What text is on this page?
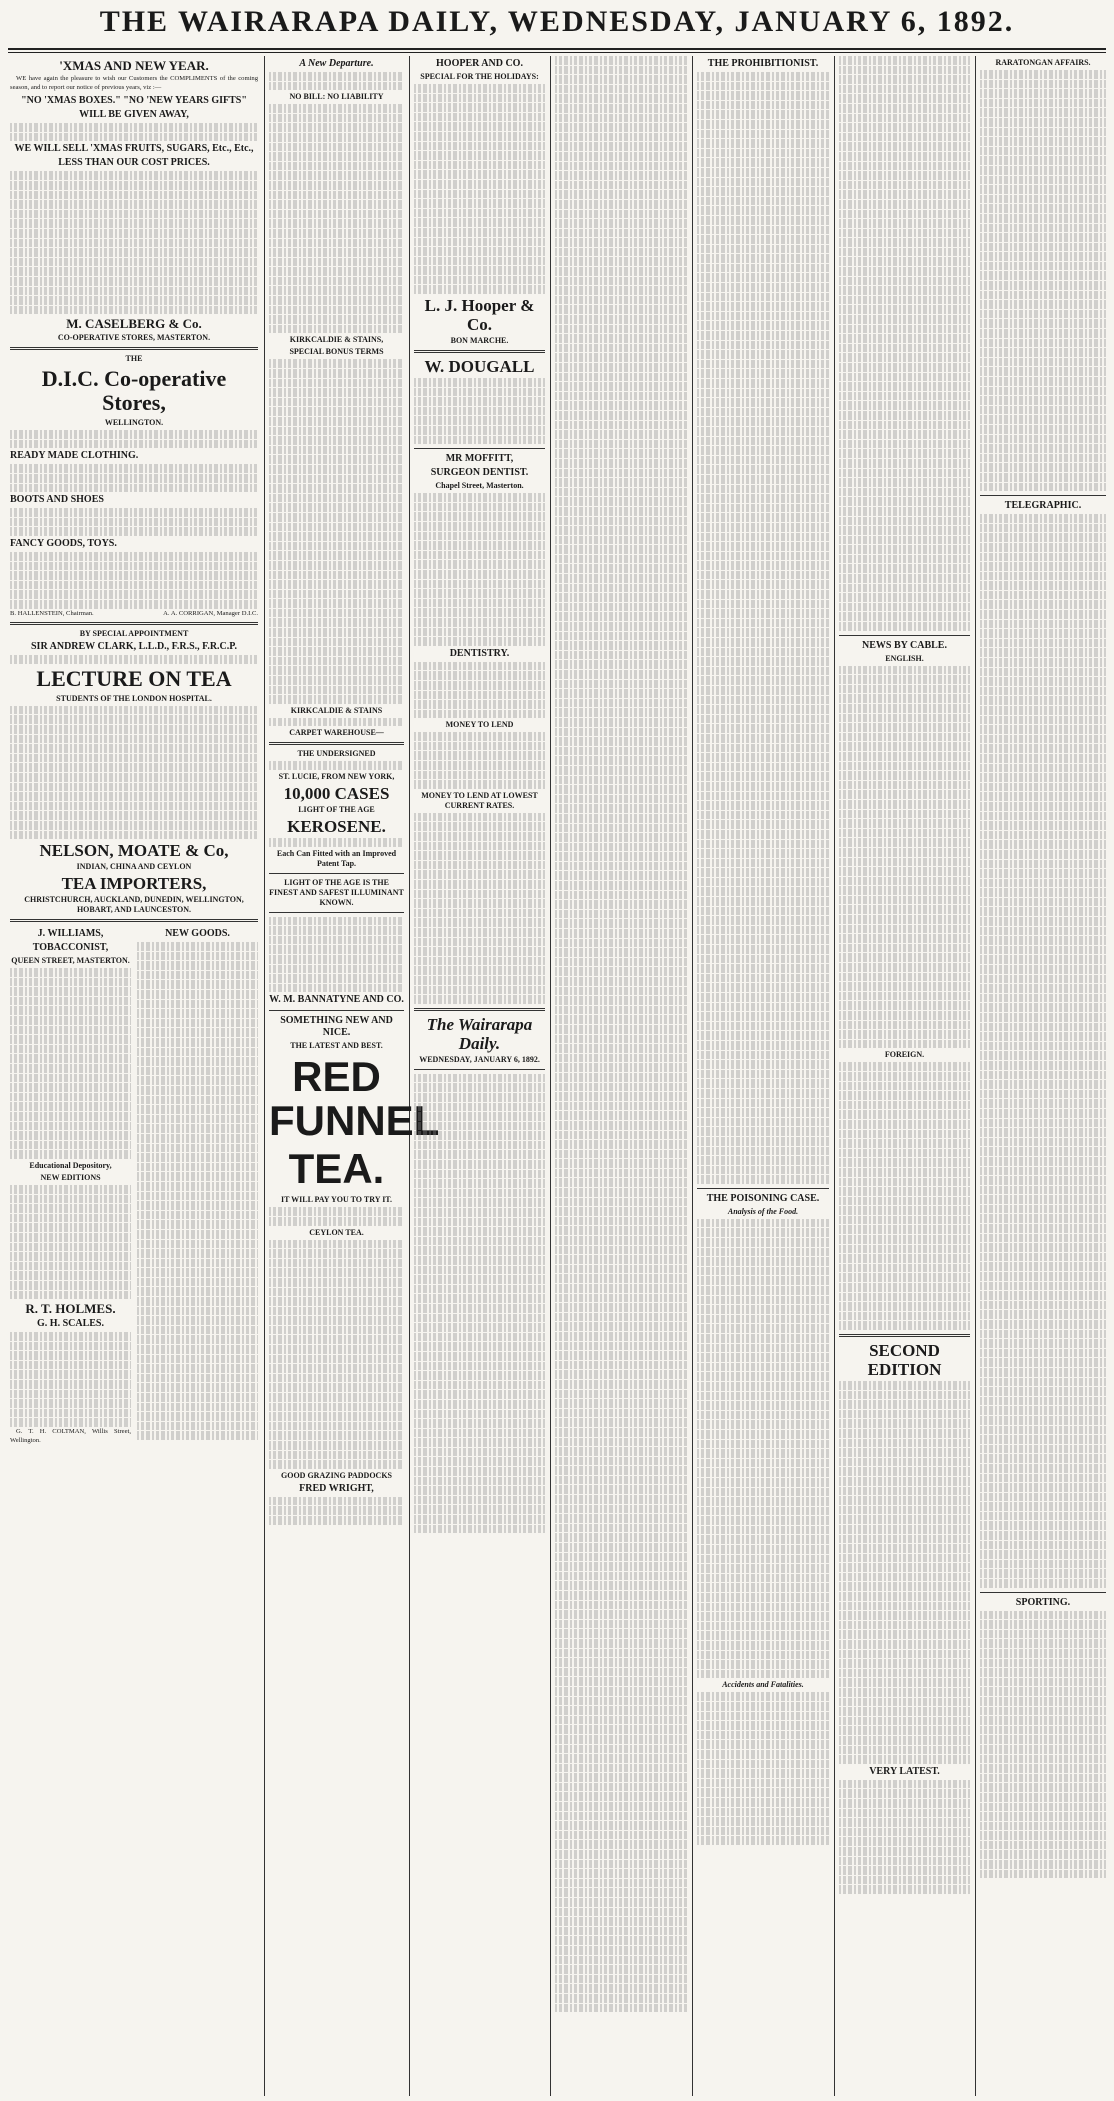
THE WAIRARAPA DAILY, WEDNESDAY, JANUARY 6, 1892.
'XMAS AND NEW YEAR.

WE have again the pleasure to wish our Customers the COMPLIMENTS of the coming season, and to report our notice of previous years, viz :—

"NO 'XMAS BOXES." "NO 'NEW YEARS GIFTS"
WILL BE GIVEN AWAY,
WE WILL SELL 'XMAS FRUITS, SUGARS, Etc., Etc.,
LESS THAN OUR COST PRICES.
M. CASELBERG & Co.
CO-OPERATIVE STORES, MASTERTON.
THE
D.I.C. Co-operative Stores,
WELLINGTON.
READY MADE CLOTHING.
BOOTS AND SHOES
FANCY GOODS, TOYS.
B. HALLENSTEIN, Chairman.	A. A. CORRIGAN, Manager D.I.C.
BY SPECIAL APPOINTMENT
SIR ANDREW CLARK, L.L.D., F.R.S., F.R.C.P.
LECTURE ON TEA
STUDENTS OF THE LONDON HOSPITAL.
NELSON, MOATE & Co,
INDIAN, CHINA AND CEYLON
TEA IMPORTERS,
CHRISTCHURCH, AUCKLAND, DUNEDIN, WELLINGTON, HOBART, AND LAUNCESTON.
J. WILLIAMS,
TOBACCONIST,
QUEEN STREET, MASTERTON.
Educational Depository,
NEW EDITIONS
R. T. HOLMES.
G. H. SCALES.

G. T. H. COLTMAN, Willis Street, Wellington.

NEW GOODS.
A New Departure.
NO BILL: NO LIABILITY
KIRKCALDIE & STAINS,
SPECIAL BONUS TERMS
KIRKCALDIE & STAINS
CARPET WAREHOUSE—
THE UNDERSIGNED
ST. LUCIE, FROM NEW YORK,
10,000 CASES
LIGHT OF THE AGE
KEROSENE.
Each Can Fitted with an Improved Patent Tap.
LIGHT OF THE AGE IS THE FINEST AND SAFEST ILLUMINANT KNOWN.
W. M. BANNATYNE AND CO.
SOMETHING NEW AND NICE.
THE LATEST AND BEST.
RED FUNNEL
TEA.
IT WILL PAY YOU TO TRY IT.
CEYLON TEA.
GOOD GRAZING PADDOCKS
FRED WRIGHT,
HOOPER AND CO.
SPECIAL FOR THE HOLIDAYS:
L. J. Hooper & Co.
BON MARCHE.
W. DOUGALL
MR MOFFITT,
SURGEON DENTIST.
Chapel Street, Masterton.
DENTISTRY.
MONEY TO LEND
MONEY TO LEND AT LOWEST CURRENT RATES.
The Wairarapa Daily.
WEDNESDAY, JANUARY 6, 1892.
THE PROHIBITIONIST.
THE POISONING CASE.
Analysis of the Food.
Accidents and Fatalities.
NEWS BY CABLE.
ENGLISH.
FOREIGN.
SECOND EDITION
VERY LATEST.
RARATONGAN AFFAIRS.
TELEGRAPHIC.
SPORTING.
